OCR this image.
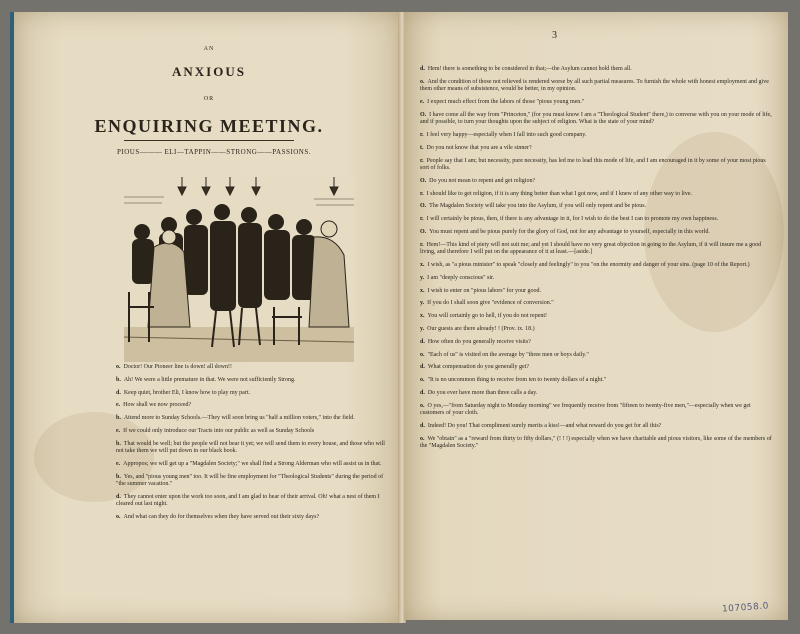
AN
ANXIOUS
OR
ENQUIRING MEETING.
PIOUS——— ELI—TAPPIN——STRONG——PASSIONS.

o. Doctor! Our Pioneer line is down! all down!!

b. Ah! We were a little premature in that. We were not sufficiently Strong.

d. Keep quiet, brother Eli, I know how to play my part.

e. How shall we now proceed?

b. Attend more to Sunday Schools.—They will soon bring us "half a million voters," into the field.

e. If we could only introduce our Tracts into our public as well as Sunday Schools

b. That would be well; but the people will not bear it yet; we will send them to every house, and those who will not take them we will put down in our black book.

e. Appropos; we will get up a "Magdalen Society;" we shall find a Strong Alderman who will assist us in that.

b. Yes, and "pious young men" too. It will be fine employment for "Theological Students" during the period of "the summer vacation."

d. They cannot enter upon the work too soon, and I am glad to hear of their arrival. Oh! what a nest of them I cleared out last night.

o. And what can they do for themselves when they have served out their sixty days?

3

d. Hem! there is something to be considered in that;—the Asylum cannot hold them all.

o. And the condition of those not relieved is rendered worse by all such partial measures. To furnish the whole with honest employment and give them other means of subsistence, would be better, in my opinion.

e. I expect much effect from the labors of those "pious young men."

O. I have come all the way from "Princeton," (for you must know I am a "Theological Student" there,) to converse with you on your mode of life, and if possible, to turn your thoughts upon the subject of religion. What is the state of your mind?

r. I feel very happy—especially when I fall into such good company.

t. Do you not know that you are a vile sinner?

r. People say that I am; but necessity, pure necessity, has led me to lead this mode of life, and I am encouraged in it by some of your most pious sort of folks.

O. Do you not mean to repent and get religion?

r. I should like to get religion, if it is any thing better than what I got now, and if I knew of any other way to live.

O. The Magdalen Society will take you into the Asylum, if you will only repent and be pious.

r. I will certainly be pious, then, if there is any advantage in it, for I wish to do the best I can to promote my own happiness.

O. You must repent and be pious purely for the glory of God, not for any advantage to yourself, especially in this world.

r. Hem!—This kind of piety will not suit me; and yet I should have no very great objection in going to the Asylum, if it will insure me a good living, and therefore I will put on the appearance of it at least.—[aside.]

x. I wish, as "a pious minister" to speak "closely and feelingly" to you "on the enormity and danger of your sins. (page 10 of the Report.)

y. I am "deeply conscious" sir.

x. I wish to enter on "pious labors" for your good.

y. If you do I shall soon give "evidence of conversion."

x. You will certainly go to hell, if you do not repent!

y. Our guests are there already! ! (Prov. ix. 18.)

d. How often do you generally receive visits?

o. "Each of us" is visited on the average by "three men or boys daily."

d. What compensation do you generally get?

o. "It is no uncommon thing to receive from ten to twenty dollars of a night."

d. Do you ever have more than three calls a day.

o. O yes,—"from Saturday night to Monday morning" we frequently receive from "fifteen to twenty-five men,"—especially when we get customers of your cloth.

d. Indeed! Do you! That compliment surely merits a kiss!—and what reward do you get for all this?

o. We "obtain" as a "reward from thirty to fifty dollars," (! ! !) especially when we have charitable and pious visitors, like some of the members of the "Magdalen Society."

107058.0
